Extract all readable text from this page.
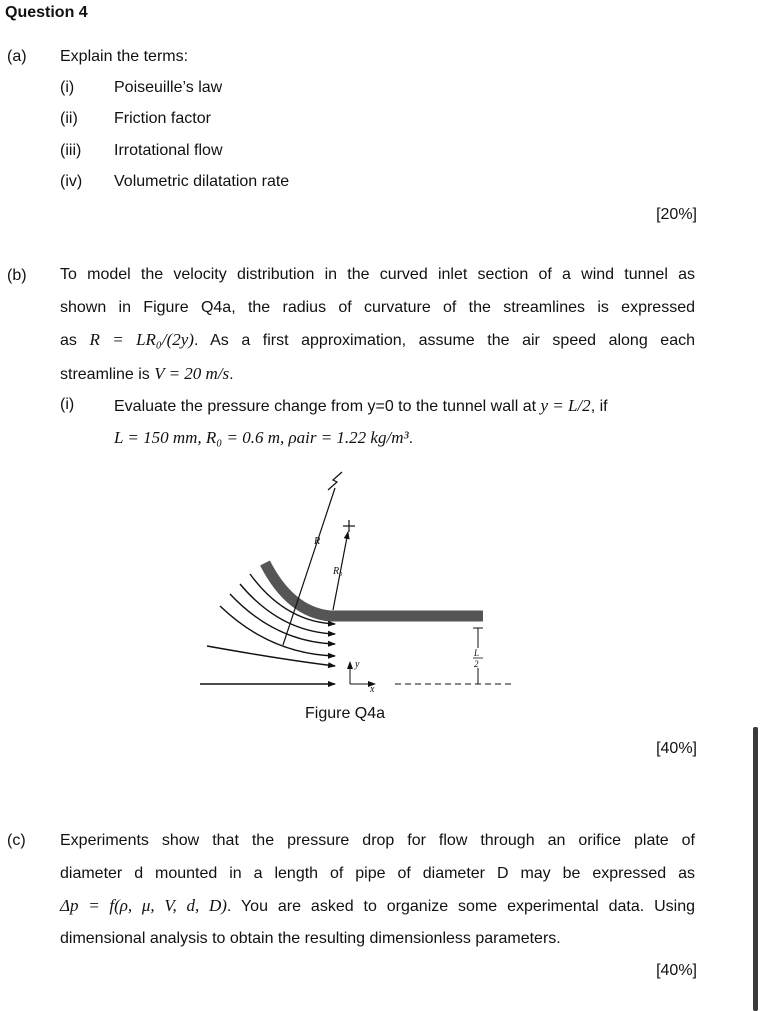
Question 4
(a) Explain the terms:
(i) Poiseuille’s law
(ii) Friction factor
(iii) Irrotational flow
(iv) Volumetric dilatation rate
[20%]
(b) To model the velocity distribution in the curved inlet section of a wind tunnel as
shown in Figure Q4a, the radius of curvature of the streamlines is expressed
as R = LR₀/(2y). As a first approximation, assume the air speed along each
streamline is V = 20 m/s.
(i) Evaluate the pressure change from y=0 to the tunnel wall at y = L/2, if
L = 150 mm, R₀ = 0.6 m, ρair = 1.22 kg/m³.
R
R₀
y
x
L
2
Figure Q4a
[40%]
(c) Experiments show that the pressure drop for flow through an orifice plate of
diameter d mounted in a length of pipe of diameter D may be expressed as
Δp = f(ρ, μ, V, d, D). You are asked to organize some experimental data. Using
dimensional analysis to obtain the resulting dimensionless parameters.
[40%]
